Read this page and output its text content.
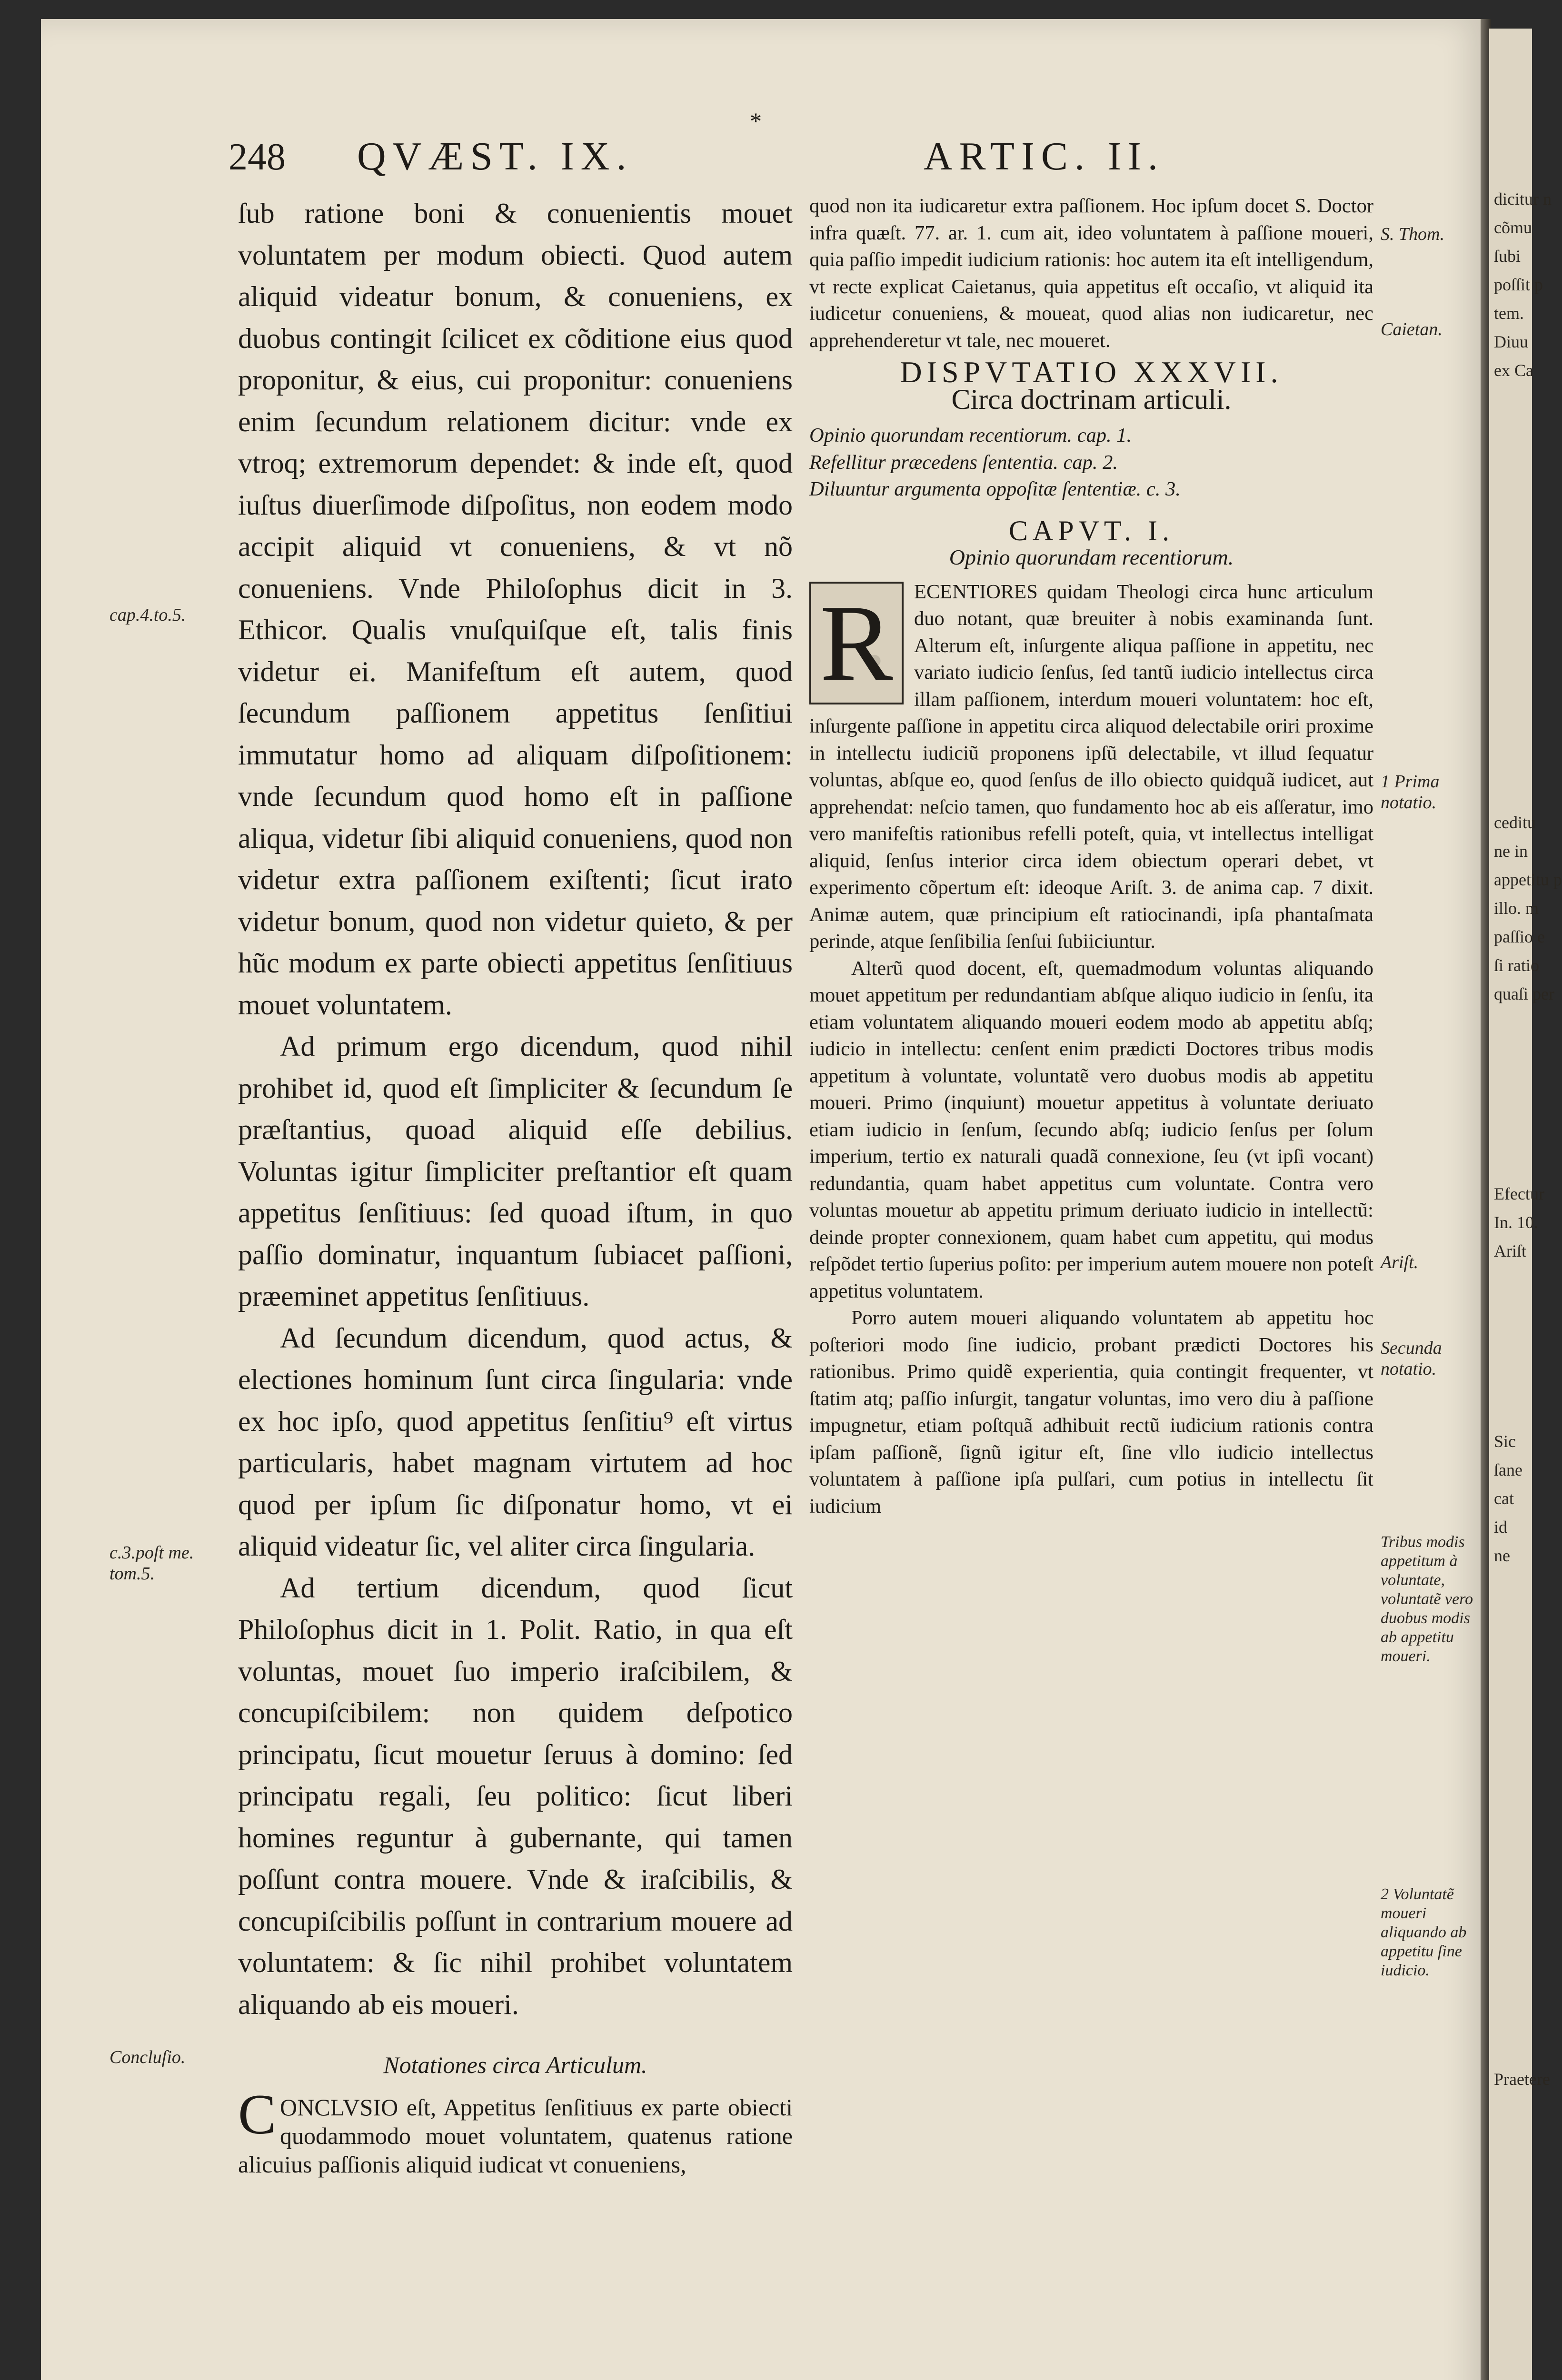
248 QVÆST. IX.	ARTIC. II.
*

ſub ratione boni & conuenientis mouet voluntatem per modum obiecti. Quod autem aliquid videatur bonum, & conueniens, ex duobus contingit ſcilicet ex cõditione eius quod proponitur, & eius, cui proponitur: conueniens enim ſecundum relationem dicitur: vnde ex vtroq; extremorum dependet: & inde eſt, quod iuſtus diuerſimode diſpoſitus, non eodem modo accipit aliquid vt conueniens, & vt nõ conueniens. Vnde Philoſophus dicit in 3. Ethicor. Qualis vnuſquiſque eſt, talis finis videtur ei. Manifeſtum eſt autem, quod ſecundum paſſionem appetitus ſenſitiui immutatur homo ad aliquam diſpoſitionem: vnde ſecundum quod homo eſt in paſſione aliqua, videtur ſibi aliquid conueniens, quod non videtur extra paſſionem exiſtenti; ſicut irato videtur bonum, quod non videtur quieto, & per hũc modum ex parte obiecti appetitus ſenſitiuus mouet voluntatem.

Ad primum ergo dicendum, quod nihil prohibet id, quod eſt ſimpliciter & ſecundum ſe præſtantius, quoad aliquid eſſe debilius. Voluntas igitur ſimpliciter preſtantior eſt quam appetitus ſenſitiuus: ſed quoad iſtum, in quo paſſio dominatur, inquantum ſubiacet paſſioni, præeminet appetitus ſenſitiuus.

Ad ſecundum dicendum, quod actus, & electiones hominum ſunt circa ſingularia: vnde ex hoc ipſo, quod appetitus ſenſitiu⁹ eſt virtus particularis, habet magnam virtutem ad hoc quod per ipſum ſic diſponatur homo, vt ei aliquid videatur ſic, vel aliter circa ſingularia.

Ad tertium dicendum, quod ſicut Philoſophus dicit in 1. Polit. Ratio, in qua eſt voluntas, mouet ſuo imperio iraſcibilem, & concupiſcibilem: non quidem deſpotico principatu, ſicut mouetur ſeruus à domino: ſed principatu regali, ſeu politico: ſicut liberi homines reguntur à gubernante, qui tamen poſſunt contra mouere. Vnde & iraſcibilis, & concupiſcibilis poſſunt in contrarium mouere ad voluntatem: & ſic nihil prohibet voluntatem aliquando ab eis moueri.

Notationes circa Articulum.

C ONCLVSIO eſt, Appetitus ſenſitiuus ex parte obiecti quodammodo mouet voluntatem, quatenus ratione alicuius paſſionis aliquid iudicat vt conueniens,
cap.4.to.5.
c.3.poſt me. tom.5.
Concluſio.

quod non ita iudicaretur extra paſſionem. Hoc ipſum docet S. Doctor infra quæſt. 77. ar. 1. cum ait, ideo voluntatem à paſſione moueri, quia paſſio impedit iudicium rationis: hoc autem ita eſt intelligendum, vt recte explicat Caietanus, quia appetitus eſt occaſio, vt aliquid ita iudicetur conueniens, & moueat, quod alias non iudicaretur, nec apprehenderetur vt tale, nec moueret.

DISPVTATIO XXXVII.

Circa doctrinam articuli.

Opinio quorundam recentiorum. cap. 1.

Refellitur præcedens ſententia. cap. 2.

Diluuntur argumenta oppoſitæ ſententiæ. c. 3.

CAPVT. I.

Opinio quorundam recentiorum.

R	ECENTIORES quidam Theologi circa hunc articulum duo notant, quæ breuiter à nobis examinanda ſunt. Alterum eſt, inſurgente aliqua paſſione in appetitu, nec variato iudicio ſenſus, ſed tantũ iudicio intellectus circa illam paſſionem, interdum moueri voluntatem: hoc eſt, inſurgente paſſione in appetitu circa aliquod delectabile oriri proxime in intellectu iudiciũ proponens ipſũ delectabile, vt illud ſequatur voluntas, abſque eo, quod ſenſus de illo obiecto quidquã iudicet, aut apprehendat: neſcio tamen, quo fundamento hoc ab eis aſſeratur, imo vero manifeſtis rationibus refelli poteſt, quia, vt intellectus intelligat aliquid, ſenſus interior circa idem obiectum operari debet, vt experimento cõpertum eſt: ideoque Ariſt. 3. de anima cap. 7 dixit. Animæ autem, quæ principium eſt ratiocinandi, ipſa phantaſmata perinde, atque ſenſibilia ſenſui ſubiiciuntur.

Alterũ quod docent, eſt, quemadmodum voluntas aliquando mouet appetitum per redundantiam abſque aliquo iudicio in ſenſu, ita etiam voluntatem aliquando moueri eodem modo ab appetitu abſq; iudicio in intellectu: cenſent enim prædicti Doctores tribus modis appetitum à voluntate, voluntatẽ vero duobus modis ab appetitu moueri. Primo (inquiunt) mouetur appetitus à voluntate deriuato etiam iudicio in ſenſum, ſecundo abſq; iudicio ſenſus per ſolum imperium, tertio ex naturali quadã connexione, ſeu (vt ipſi vocant) redundantia, quam habet appetitus cum voluntate. Contra vero voluntas mouetur ab appetitu primum deriuato iudicio in intellectũ: deinde propter connexionem, quam habet cum appetitu, qui modus reſpõdet tertio ſuperius poſito: per imperium autem mouere non poteſt appetitus voluntatem.

Porro autem moueri aliquando voluntatem ab appetitu hoc poſteriori modo ſine iudicio, probant prædicti Doctores his rationibus. Primo quidẽ experientia, quia contingit frequenter, vt ſtatim atq; paſſio inſurgit, tangatur voluntas, imo vero diu à paſſione impugnetur, etiam poſtquã adhibuit rectũ iudicium rationis contra ipſam paſſionẽ, ſignũ igitur eſt, ſine vllo iudicio intellectus voluntatem à paſſione ipſa pulſari, cum potius in intellectu ſit iudicium

S. Thom.
Caietan.
1 Prima notatio.
Ariſt.
Secunda notatio.
Tribus modis appetitum à voluntate, voluntatẽ vero duobus modis ab appetitu moueri.
2 Voluntatẽ moueri aliquando ab appetitu ſine iudicio.
dicitur n
cõmu
ſubi
poſſit p
tem.
Diuu
ex Ca
ceditu
ne in
appetitu p
illo. m
paſſio e
ſi ratio
quaſi per
Efectur
In. 10.
Ariſt
Sic
ſane
cat
id
ne
Praetere
